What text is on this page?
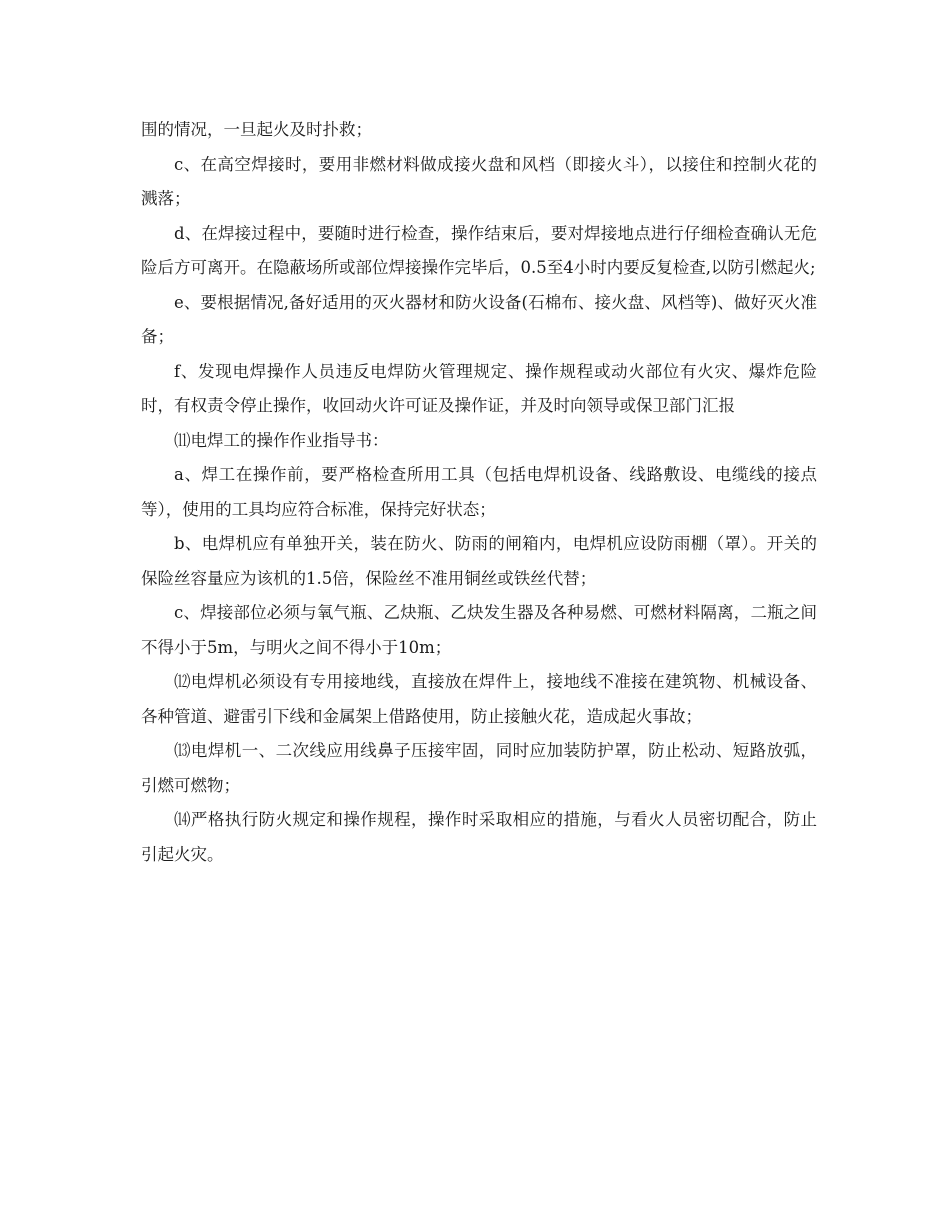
围的情况，一旦起火及时扑救；

c、在高空焊接时，要用非燃材料做成接火盘和风档（即接火斗），以接住和控制火花的溅落；

d、在焊接过程中，要随时进行检查，操作结束后，要对焊接地点进行仔细检查确认无危险后方可离开。在隐蔽场所或部位焊接操作完毕后，0.5至4小时内要反复检查,以防引燃起火;

e、要根据情况,备好适用的灭火器材和防火设备(石棉布、接火盘、风档等)、做好灭火准备；

f、发现电焊操作人员违反电焊防火管理规定、操作规程或动火部位有火灾、爆炸危险时，有权责令停止操作，收回动火许可证及操作证，并及时向领导或保卫部门汇报

⑾电焊工的操作作业指导书：

a、焊工在操作前，要严格检查所用工具（包括电焊机设备、线路敷设、电缆线的接点等），使用的工具均应符合标准，保持完好状态；

b、电焊机应有单独开关，装在防火、防雨的闸箱内，电焊机应设防雨棚（罩）。开关的保险丝容量应为该机的1.5倍，保险丝不准用铜丝或铁丝代替；

c、焊接部位必须与氧气瓶、乙炔瓶、乙炔发生器及各种易燃、可燃材料隔离，二瓶之间不得小于5m，与明火之间不得小于10m；

⑿电焊机必须设有专用接地线，直接放在焊件上，接地线不准接在建筑物、机械设备、各种管道、避雷引下线和金属架上借路使用，防止接触火花，造成起火事故；

⒀电焊机一、二次线应用线鼻子压接牢固，同时应加装防护罩，防止松动、短路放弧，引燃可燃物；

⒁严格执行防火规定和操作规程，操作时采取相应的措施，与看火人员密切配合，防止引起火灾。
